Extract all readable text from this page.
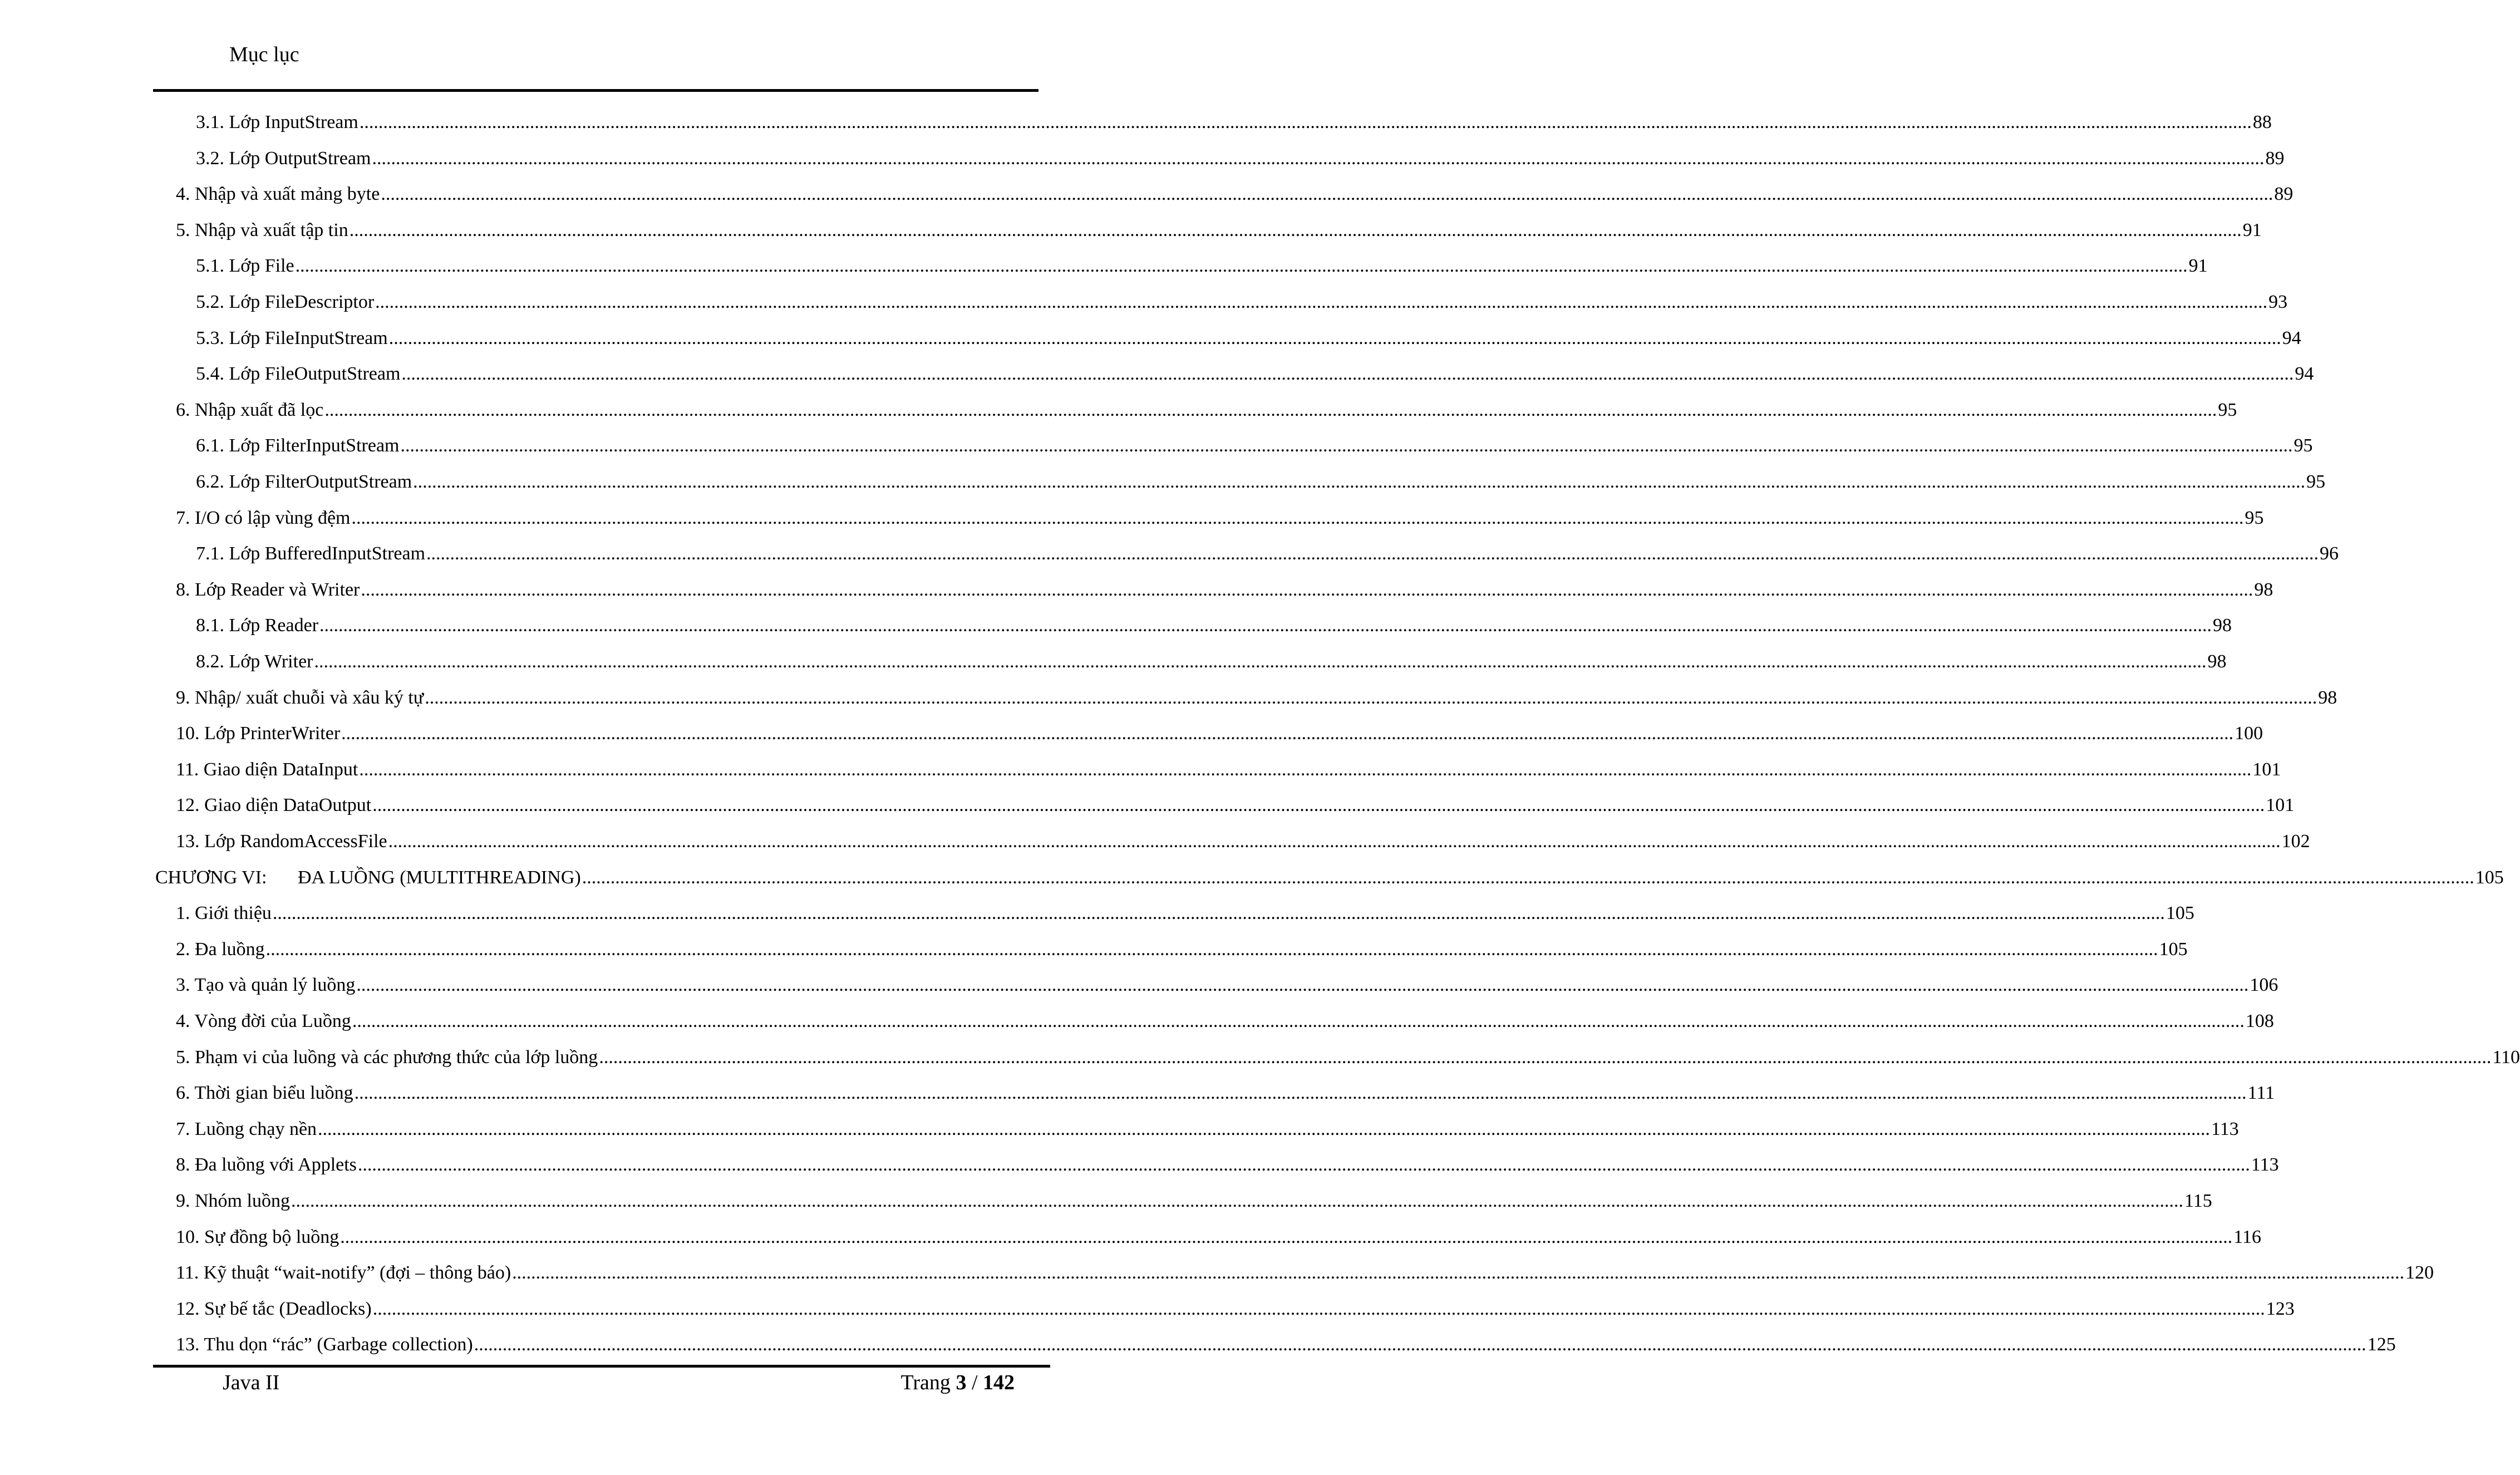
Mục lục
3.1. Lớp InputStream ................................................................................................................................................................................................................................................................................................................................................................................................................ 88
3.2. Lớp OutputStream ................................................................................................................................................................................................................................................................................................................................................................................................................ 89
4. Nhập và xuất mảng byte ................................................................................................................................................................................................................................................................................................................................................................................................................ 89
5. Nhập và xuất tập tin ................................................................................................................................................................................................................................................................................................................................................................................................................ 91
5.1. Lớp File ................................................................................................................................................................................................................................................................................................................................................................................................................ 91
5.2. Lớp FileDescriptor ................................................................................................................................................................................................................................................................................................................................................................................................................ 93
5.3. Lớp FileInputStream ................................................................................................................................................................................................................................................................................................................................................................................................................ 94
5.4. Lớp FileOutputStream ................................................................................................................................................................................................................................................................................................................................................................................................................ 94
6. Nhập xuất đã lọc ................................................................................................................................................................................................................................................................................................................................................................................................................ 95
6.1. Lớp FilterInputStream ................................................................................................................................................................................................................................................................................................................................................................................................................ 95
6.2. Lớp FilterOutputStream ................................................................................................................................................................................................................................................................................................................................................................................................................ 95
7. I/O có lập vùng đệm ................................................................................................................................................................................................................................................................................................................................................................................................................ 95
7.1. Lớp BufferedInputStream ................................................................................................................................................................................................................................................................................................................................................................................................................ 96
8. Lớp Reader và Writer ................................................................................................................................................................................................................................................................................................................................................................................................................ 98
8.1. Lớp Reader ................................................................................................................................................................................................................................................................................................................................................................................................................ 98
8.2. Lớp Writer ................................................................................................................................................................................................................................................................................................................................................................................................................ 98
9. Nhập/ xuất chuỗi và xâu ký tự ................................................................................................................................................................................................................................................................................................................................................................................................................ 98
10. Lớp PrinterWriter ................................................................................................................................................................................................................................................................................................................................................................................................................ 100
11. Giao diện DataInput ................................................................................................................................................................................................................................................................................................................................................................................................................ 101
12. Giao diện DataOutput ................................................................................................................................................................................................................................................................................................................................................................................................................ 101
13. Lớp RandomAccessFile ................................................................................................................................................................................................................................................................................................................................................................................................................ 102
CHƯƠNG VI: ĐA LUỒNG (MULTITHREADING) ................................................................................................................................................................................................................................................................................................................................................................................................................ 105
1. Giới thiệu ................................................................................................................................................................................................................................................................................................................................................................................................................ 105
2. Đa luồng ................................................................................................................................................................................................................................................................................................................................................................................................................ 105
3. Tạo và quản lý luồng ................................................................................................................................................................................................................................................................................................................................................................................................................ 106
4. Vòng đời của Luồng ................................................................................................................................................................................................................................................................................................................................................................................................................ 108
5. Phạm vi của luồng và các phương thức của lớp luồng ................................................................................................................................................................................................................................................................................................................................................................................................................ 110
6. Thời gian biểu luồng ................................................................................................................................................................................................................................................................................................................................................................................................................ 111
7. Luồng chạy nền ................................................................................................................................................................................................................................................................................................................................................................................................................ 113
8. Đa luồng với Applets ................................................................................................................................................................................................................................................................................................................................................................................................................ 113
9. Nhóm luồng ................................................................................................................................................................................................................................................................................................................................................................................................................ 115
10. Sự đồng bộ luồng ................................................................................................................................................................................................................................................................................................................................................................................................................ 116
11. Kỹ thuật “wait-notify” (đợi – thông báo) ................................................................................................................................................................................................................................................................................................................................................................................................................ 120
12. Sự bế tắc (Deadlocks) ................................................................................................................................................................................................................................................................................................................................................................................................................ 123
13. Thu dọn “rác” (Garbage collection) ................................................................................................................................................................................................................................................................................................................................................................................................................ 125
Java II	Trang 3 / 142
